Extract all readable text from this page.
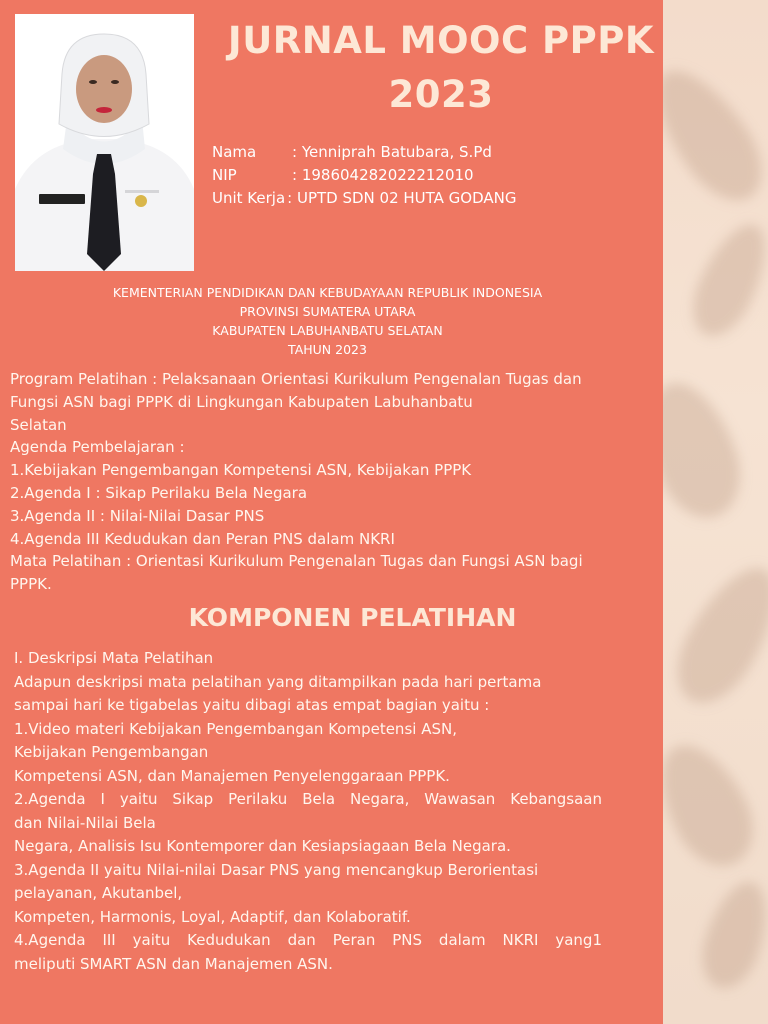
JURNAL MOOC PPPK
2023
Nama	: Yenniprah Batubara, S.Pd
NIP	: 198604282022212010
Unit Kerja : UPTD SDN 02 HUTA GODANG
KEMENTERIAN PENDIDIKAN DAN KEBUDAYAAN REPUBLIK INDONESIA
PROVINSI SUMATERA UTARA
KABUPATEN LABUHANBATU SELATAN
TAHUN 2023
Program Pelatihan : Pelaksanaan Orientasi Kurikulum Pengenalan Tugas dan
Fungsi ASN bagi PPPK di Lingkungan Kabupaten Labuhanbatu
Selatan
Agenda Pembelajaran :
1.Kebijakan Pengembangan Kompetensi ASN, Kebijakan PPPK
2.Agenda I : Sikap Perilaku Bela Negara
3.Agenda II : Nilai-Nilai Dasar PNS
4.Agenda III Kedudukan dan Peran PNS dalam NKRI
Mata Pelatihan : Orientasi Kurikulum Pengenalan Tugas dan Fungsi ASN bagi
PPPK.
KOMPONEN PELATIHAN
I. Deskripsi Mata Pelatihan
Adapun deskripsi mata pelatihan yang ditampilkan pada hari pertama
sampai hari ke tigabelas yaitu dibagi atas empat bagian yaitu :
1.Video materi Kebijakan Pengembangan Kompetensi ASN,
Kebijakan Pengembangan
Kompetensi ASN, dan Manajemen Penyelenggaraan PPPK.
2.Agenda I yaitu Sikap Perilaku Bela Negara, Wawasan Kebangsaan
dan Nilai-Nilai Bela
Negara, Analisis Isu Kontemporer dan Kesiapsiagaan Bela Negara.
3.Agenda II yaitu Nilai-nilai Dasar PNS yang mencangkup Berorientasi
pelayanan, Akutanbel,
Kompeten, Harmonis, Loyal, Adaptif, dan Kolaboratif.
4.Agenda III yaitu Kedudukan dan Peran PNS dalam NKRI yang1
meliputi SMART ASN dan Manajemen ASN.
